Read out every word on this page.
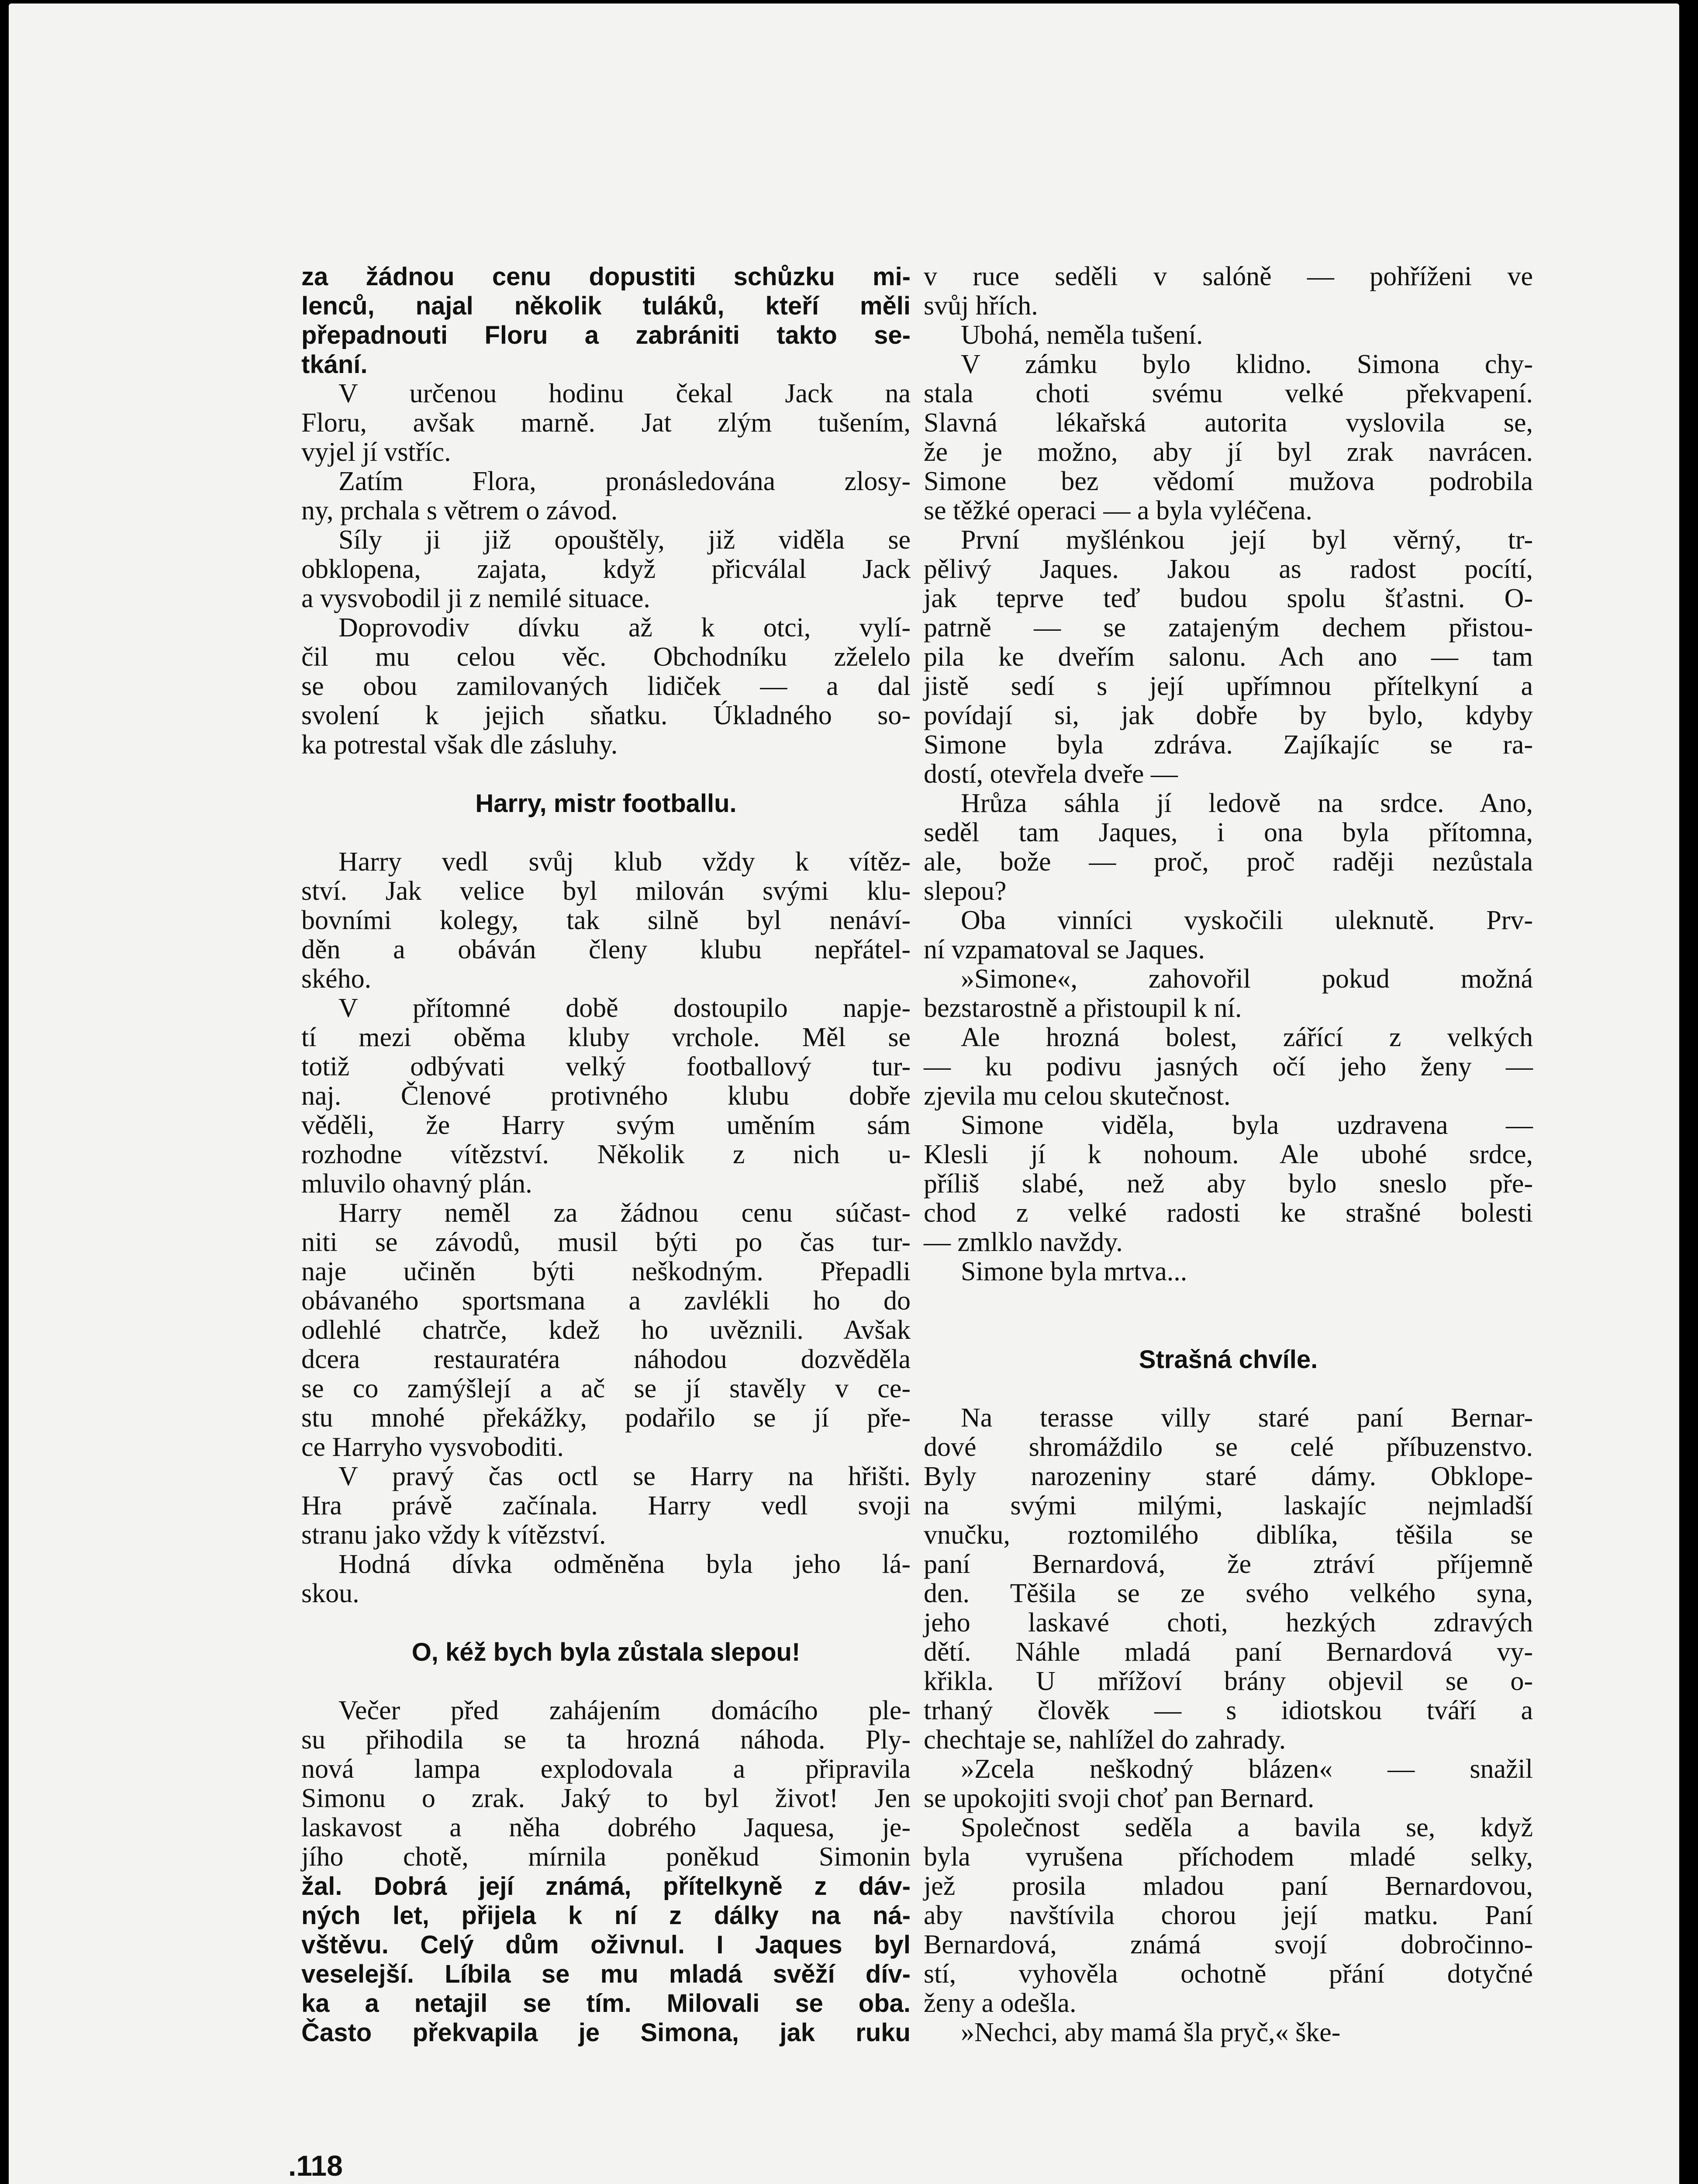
za žádnou cenu dopustiti schůzku mi-
lenců, najal několik tuláků, kteří měli
přepadnouti Floru a zabrániti takto se-
tkání.
V určenou hodinu čekal Jack na
Floru, avšak marně. Jat zlým tušením,
vyjel jí vstříc.
Zatím Flora, pronásledována zlosy-
ny, prchala s větrem o závod.
Síly ji již opouštěly, již viděla se
obklopena, zajata, když přicválal Jack
a vysvobodil ji z nemilé situace.
Doprovodiv dívku až k otci, vylí-
čil mu celou věc. Obchodníku zželelo
se obou zamilovaných lidiček — a dal
svolení k jejich sňatku. Úkladného so-
ka potrestal však dle zásluhy.
Harry, mistr footballu.
Harry vedl svůj klub vždy k vítěz-
ství. Jak velice byl milován svými klu-
bovními kolegy, tak silně byl nenáví-
děn a obáván členy klubu nepřátel-
ského.
V přítomné době dostoupilo napje-
tí mezi oběma kluby vrchole. Měl se
totiž odbývati velký footballový tur-
naj. Členové protivného klubu dobře
věděli, že Harry svým uměním sám
rozhodne vítězství. Několik z nich u-
mluvilo ohavný plán.
Harry neměl za žádnou cenu súčast-
niti se závodů, musil býti po čas tur-
naje učiněn býti neškodným. Přepadli
obávaného sportsmana a zavlékli ho do
odlehlé chatrče, kdež ho uvěznili. Avšak
dcera restauratéra náhodou dozvěděla
se co zamýšlejí a ač se jí stavěly v ce-
stu mnohé překážky, podařilo se jí pře-
ce Harryho vysvoboditi.
V pravý čas octl se Harry na hřišti.
Hra právě začínala. Harry vedl svoji
stranu jako vždy k vítězství.
Hodná dívka odměněna byla jeho lá-
skou.
O, kéž bych byla zůstala slepou!
Večer před zahájením domácího ple-
su přihodila se ta hrozná náhoda. Ply-
nová lampa explodovala a připravila
Simonu o zrak. Jaký to byl život! Jen
laskavost a něha dobrého Jaquesa, je-
jího chotě, mírnila poněkud Simonin
žal. Dobrá její známá, přítelkyně z dáv-
ných let, přijela k ní z dálky na ná-
vštěvu. Celý dům oživnul. I Jaques byl
veselejší. Líbila se mu mladá svěží dív-
ka a netajil se tím. Milovali se oba.
Často překvapila je Simona, jak ruku
v ruce seděli v salóně — pohříženi ve
svůj hřích.
Ubohá, neměla tušení.
V zámku bylo klidno. Simona chy-
stala choti svému velké překvapení.
Slavná lékařská autorita vyslovila se,
že je možno, aby jí byl zrak navrácen.
Simone bez vědomí mužova podrobila
se těžké operaci — a byla vyléčena.
První myšlénkou její byl věrný, tr-
pělivý Jaques. Jakou as radost pocítí,
jak teprve teď budou spolu šťastni. O-
patrně — se zatajeným dechem přistou-
pila ke dveřím salonu. Ach ano — tam
jistě sedí s její upřímnou přítelkyní a
povídají si, jak dobře by bylo, kdyby
Simone byla zdráva. Zajíkajíc se ra-
dostí, otevřela dveře —
Hrůza sáhla jí ledově na srdce. Ano,
seděl tam Jaques, i ona byla přítomna,
ale, bože — proč, proč raději nezůstala
slepou?
Oba vinníci vyskočili uleknutě. Prv-
ní vzpamatoval se Jaques.
»Simone«, zahovořil pokud možná
bezstarostně a přistoupil k ní.
Ale hrozná bolest, zářící z velkých
— ku podivu jasných očí jeho ženy —
zjevila mu celou skutečnost.
Simone viděla, byla uzdravena —
Klesli jí k nohoum. Ale ubohé srdce,
příliš slabé, než aby bylo sneslo pře-
chod z velké radosti ke strašné bolesti
— zmlklo navždy.
Simone byla mrtva...
Strašná chvíle.
Na terasse villy staré paní Bernar-
dové shromáždilo se celé příbuzenstvo.
Byly narozeniny staré dámy. Obklope-
na svými milými, laskajíc nejmladší
vnučku, roztomilého diblíka, těšila se
paní Bernardová, že ztráví příjemně
den. Těšila se ze svého velkého syna,
jeho laskavé choti, hezkých zdravých
dětí. Náhle mladá paní Bernardová vy-
křikla. U mřížoví brány objevil se o-
trhaný člověk — s idiotskou tváří a
chechtaje se, nahlížel do zahrady.
»Zcela neškodný blázen« — snažil
se upokojiti svoji choť pan Bernard.
Společnost seděla a bavila se, když
byla vyrušena příchodem mladé selky,
jež prosila mladou paní Bernardovou,
aby navštívila chorou její matku. Paní
Bernardová, známá svojí dobročinno-
stí, vyhověla ochotně přání dotyčné
ženy a odešla.
»Nechci, aby mamá šla pryč,« ške-
.118
